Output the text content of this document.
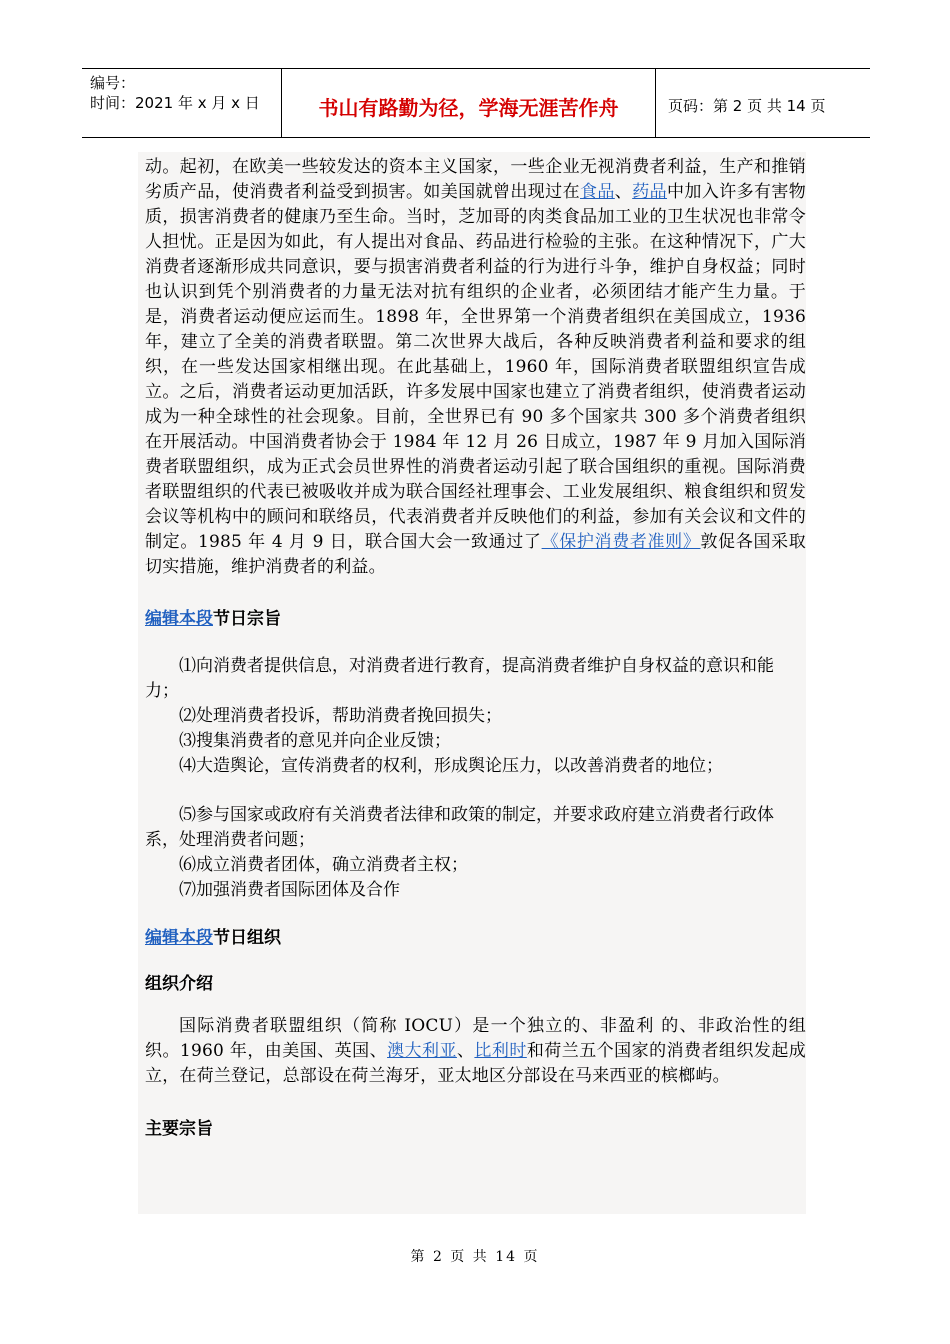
编号：
时间：2021 年 x 月 x 日	书山有路勤为径，学海无涯苦作舟	页码：第 2 页 共 14 页

动。起初，在欧美一些较发达的资本主义国家，一些企业无视消费者利益，生产和推销劣质产品，使消费者利益受到损害。如美国就曾出现过在食品、药品中加入许多有害物质，损害消费者的健康乃至生命。当时，芝加哥的肉类食品加工业的卫生状况也非常令人担忧。正是因为如此，有人提出对食品、药品进行检验的主张。在这种情况下，广大消费者逐渐形成共同意识，要与损害消费者利益的行为进行斗争，维护自身权益；同时也认识到凭个别消费者的力量无法对抗有组织的企业者，必须团结才能产生力量。于是，消费者运动便应运而生。1898 年，全世界第一个消费者组织在美国成立，1936 年，建立了全美的消费者联盟。第二次世界大战后，各种反映消费者利益和要求的组织，在一些发达国家相继出现。在此基础上，1960 年，国际消费者联盟组织宣告成立。之后，消费者运动更加活跃，许多发展中国家也建立了消费者组织，使消费者运动成为一种全球性的社会现象。目前，全世界已有 90 多个国家共 300 多个消费者组织在开展活动。中国消费者协会于 1984 年 12 月 26 日成立，1987 年 9 月加入国际消费者联盟组织，成为正式会员世界性的消费者运动引起了联合国组织的重视。国际消费者联盟组织的代表已被吸收并成为联合国经社理事会、工业发展组织、粮食组织和贸发会议等机构中的顾问和联络员，代表消费者并反映他们的利益，参加有关会议和文件的制定。1985 年 4 月 9 日，联合国大会一致通过了《保护消费者准则》敦促各国采取切实措施，维护消费者的利益。

编辑本段节日宗旨

⑴向消费者提供信息，对消费者进行教育，提高消费者维护自身权益的意识和能力；

⑵处理消费者投诉，帮助消费者挽回损失；

⑶搜集消费者的意见并向企业反馈；

⑷大造舆论，宣传消费者的权利，形成舆论压力，以改善消费者的地位；

⑸参与国家或政府有关消费者法律和政策的制定，并要求政府建立消费者行政体系，处理消费者问题；

⑹成立消费者团体，确立消费者主权；

⑺加强消费者国际团体及合作

编辑本段节日组织

组织介绍

国际消费者联盟组织（简称 IOCU）是一个独立的、非盈利 的、非政治性的组织。1960 年，由美国、英国、澳大利亚、比利时和荷兰五个国家的消费者组织发起成立，在荷兰登记，总部设在荷兰海牙，亚太地区分部设在马来西亚的槟榔屿。

主要宗旨

第 2 页 共 14 页
